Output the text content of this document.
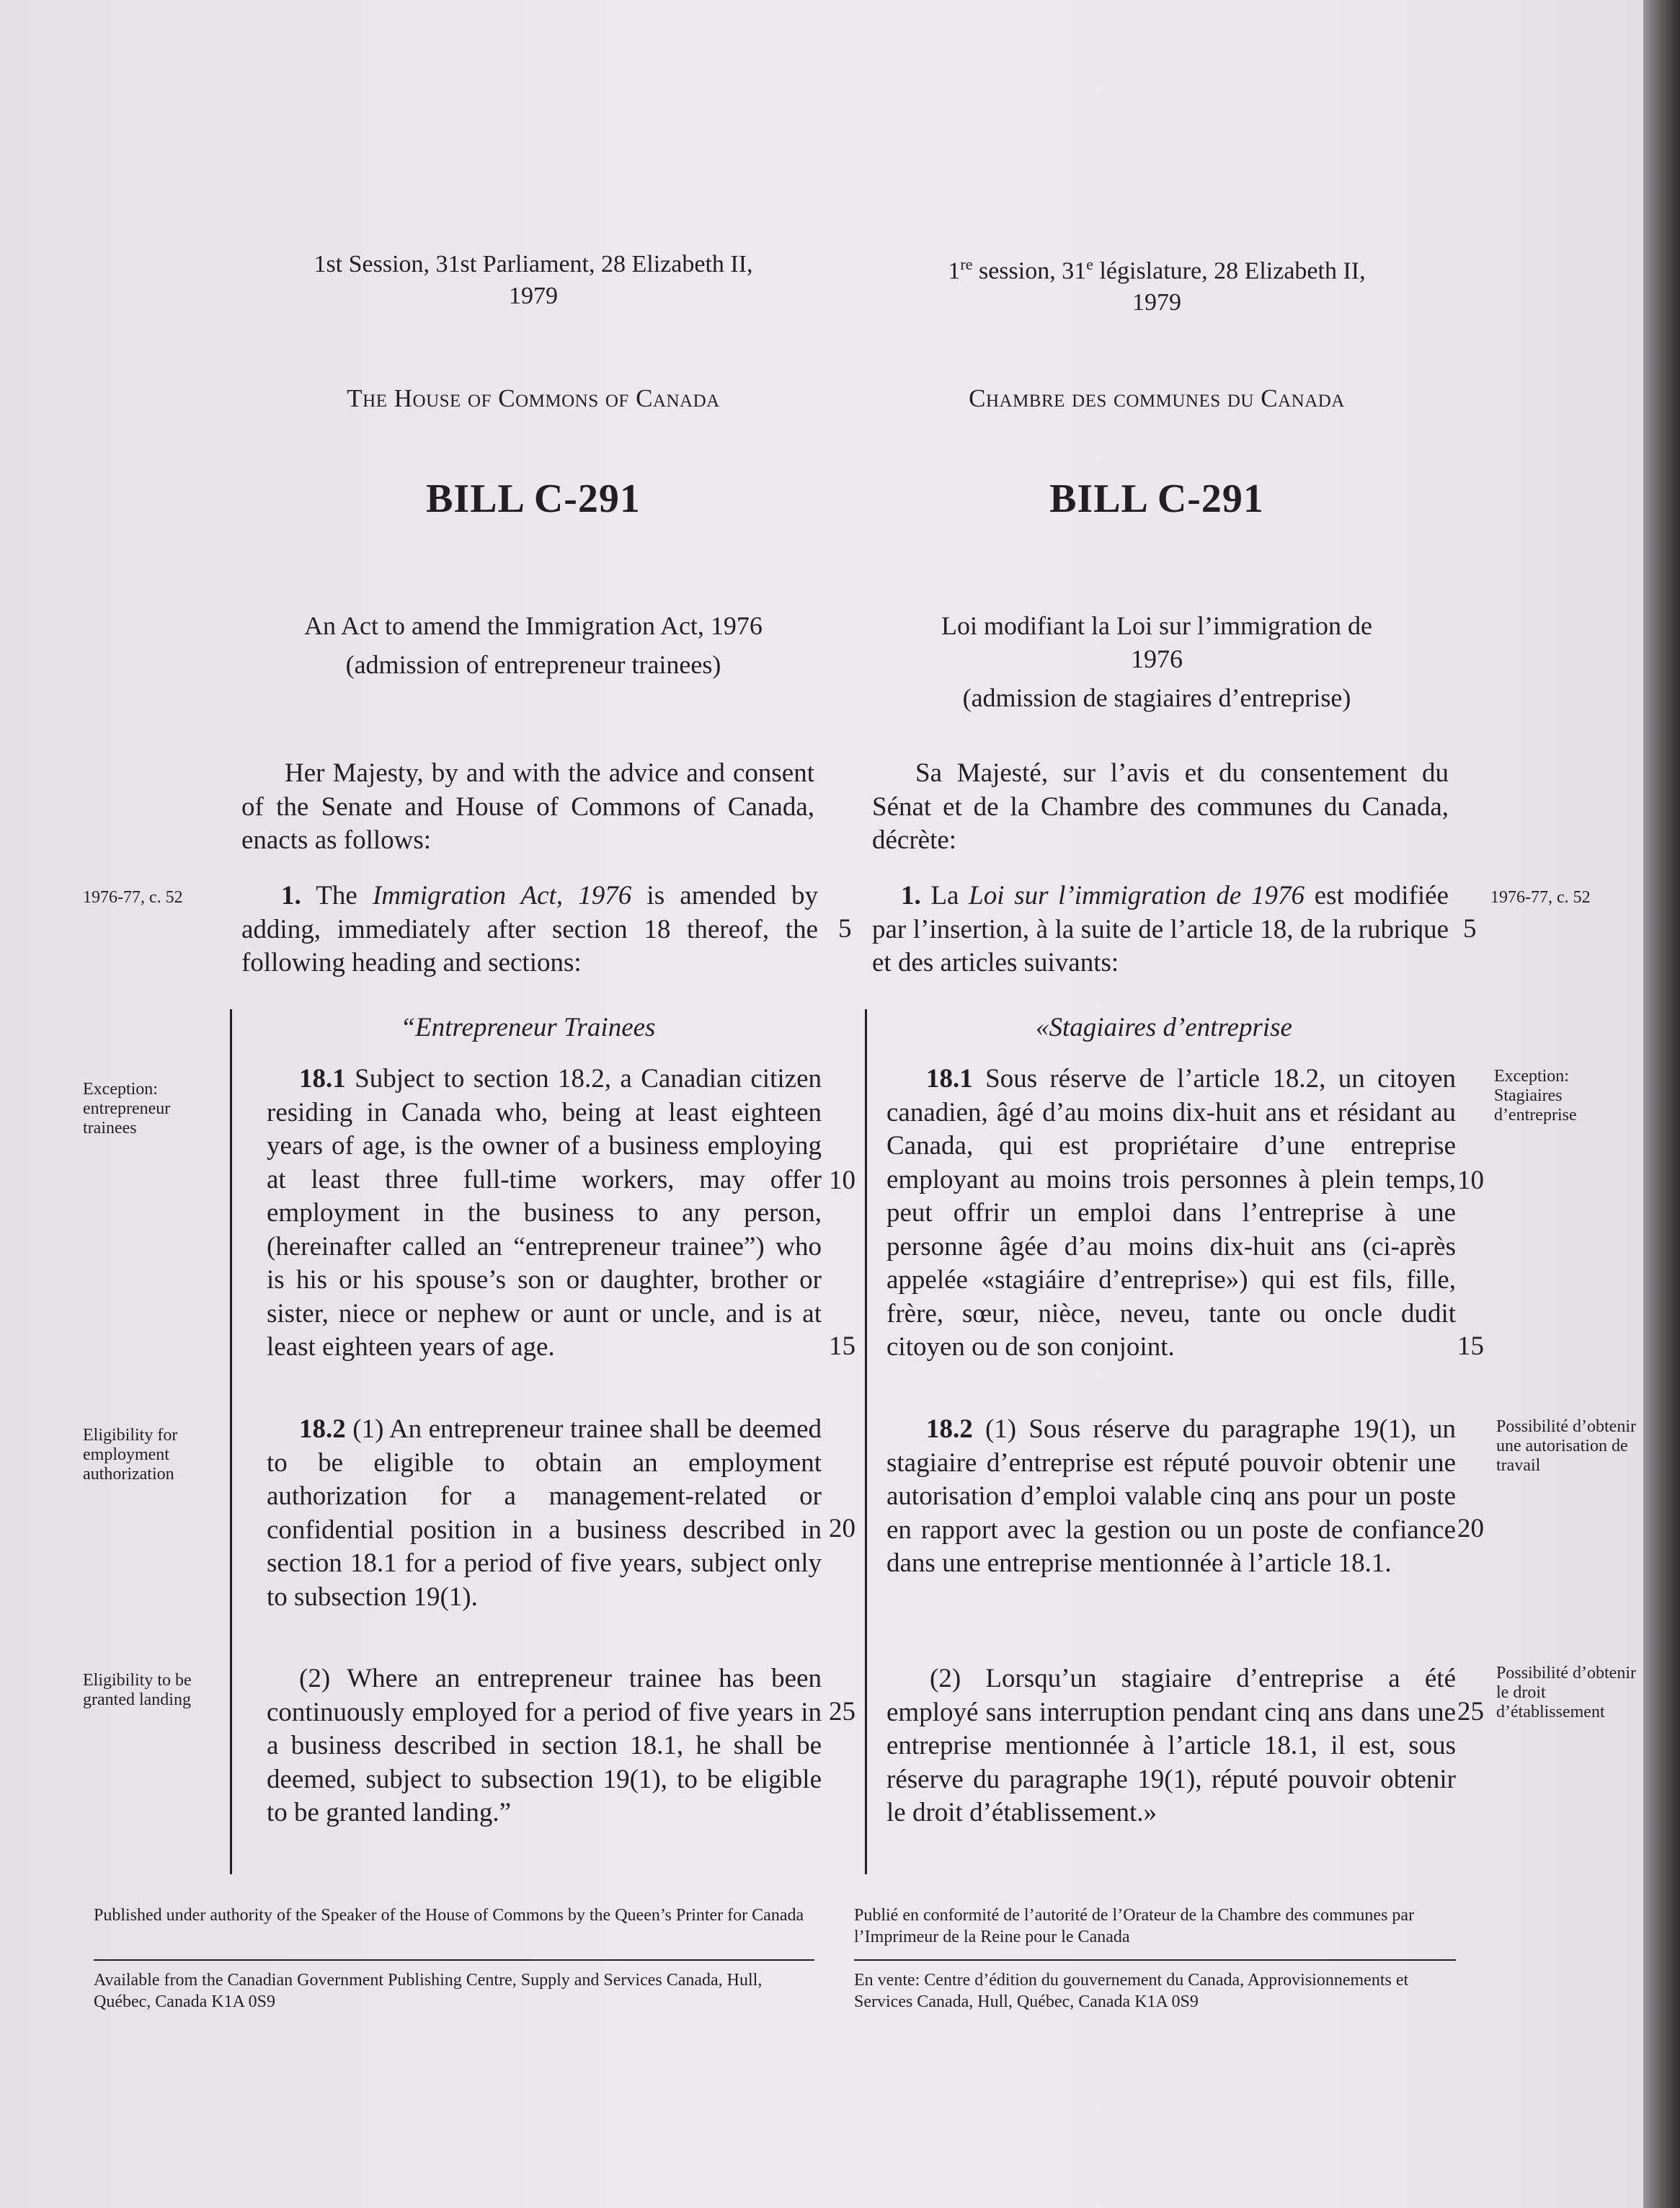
1st Session, 31st Parliament, 28 Elizabeth II,
1979
1re session, 31e législature, 28 Elizabeth II,
1979
The House of Commons of Canada	Chambre des communes du Canada
BILL C-291	BILL C-291
An Act to amend the Immigration Act, 1976
(admission of entrepreneur trainees)
Loi modifiant la Loi sur l’immigration de
1976
(admission de stagiaires d’entreprise)
Her Majesty, by and with the advice and consent of the Senate and House of Commons of Canada, enacts as follows:
Sa Majesté, sur l’avis et du consentement du Sénat et de la Chambre des communes du Canada, décrète:
1976-77, c. 52	1. The Immigration Act, 1976 is amended by adding, immediately after section 18 thereof, the following heading and sections:
1. La Loi sur l’immigration de 1976 est modifiée par l’insertion, à la suite de l’article 18, de la rubrique et des articles suivants:
1976-77, c. 52
5	5
“Entrepreneur Trainees	«Stagiaires d’entreprise
Exception: entrepreneur trainees
18.1 Subject to section 18.2, a Canadian citizen residing in Canada who, being at least eighteen years of age, is the owner of a business employing at least three full-time workers, may offer employment in the business to any person, (hereinafter called an “entrepreneur trainee”) who is his or his spouse’s son or daughter, brother or sister, niece or nephew or aunt or uncle, and is at least eighteen years of age.
18.1 Sous réserve de l’article 18.2, un citoyen canadien, âgé d’au moins dix-huit ans et résidant au Canada, qui est propriétaire d’une entreprise employant au moins trois personnes à plein temps, peut offrir un emploi dans l’entreprise à une personne âgée d’au moins dix-huit ans (ci-après appelée «stagiáire d’entreprise») qui est fils, fille, frère, sœur, nièce, neveu, tante ou oncle dudit citoyen ou de son conjoint.
Exception: Stagiaires d’entreprise
10	10
15	15
Eligibility for employment authorization
18.2 (1) An entrepreneur trainee shall be deemed to be eligible to obtain an employment authorization for a management-related or confidential position in a business described in section 18.1 for a period of five years, subject only to subsection 19(1).
18.2 (1) Sous réserve du paragraphe 19(1), un stagiaire d’entreprise est réputé pouvoir obtenir une autorisation d’emploi valable cinq ans pour un poste en rapport avec la gestion ou un poste de confiance dans une entreprise mentionnée à l’article 18.1.
Possibilité d’obtenir une autorisation de travail
20	20
Eligibility to be granted landing
(2) Where an entrepreneur trainee has been continuously employed for a period of five years in a business described in section 18.1, he shall be deemed, subject to subsection 19(1), to be eligible to be granted landing.”
(2) Lorsqu’un stagiaire d’entreprise a été employé sans interruption pendant cinq ans dans une entreprise mentionnée à l’article 18.1, il est, sous réserve du paragraphe 19(1), réputé pouvoir obtenir le droit d’établissement.»
Possibilité d’obtenir le droit d’établissement
25	25
Published under authority of the Speaker of the House of Commons by the Queen’s Printer for Canada
Available from the Canadian Government Publishing Centre, Supply and Services Canada, Hull, Québec, Canada K1A 0S9
Publié en conformité de l’autorité de l’Orateur de la Chambre des communes par l’Imprimeur de la Reine pour le Canada
En vente: Centre d’édition du gouvernement du Canada, Approvisionnements et Services Canada, Hull, Québec, Canada K1A 0S9
